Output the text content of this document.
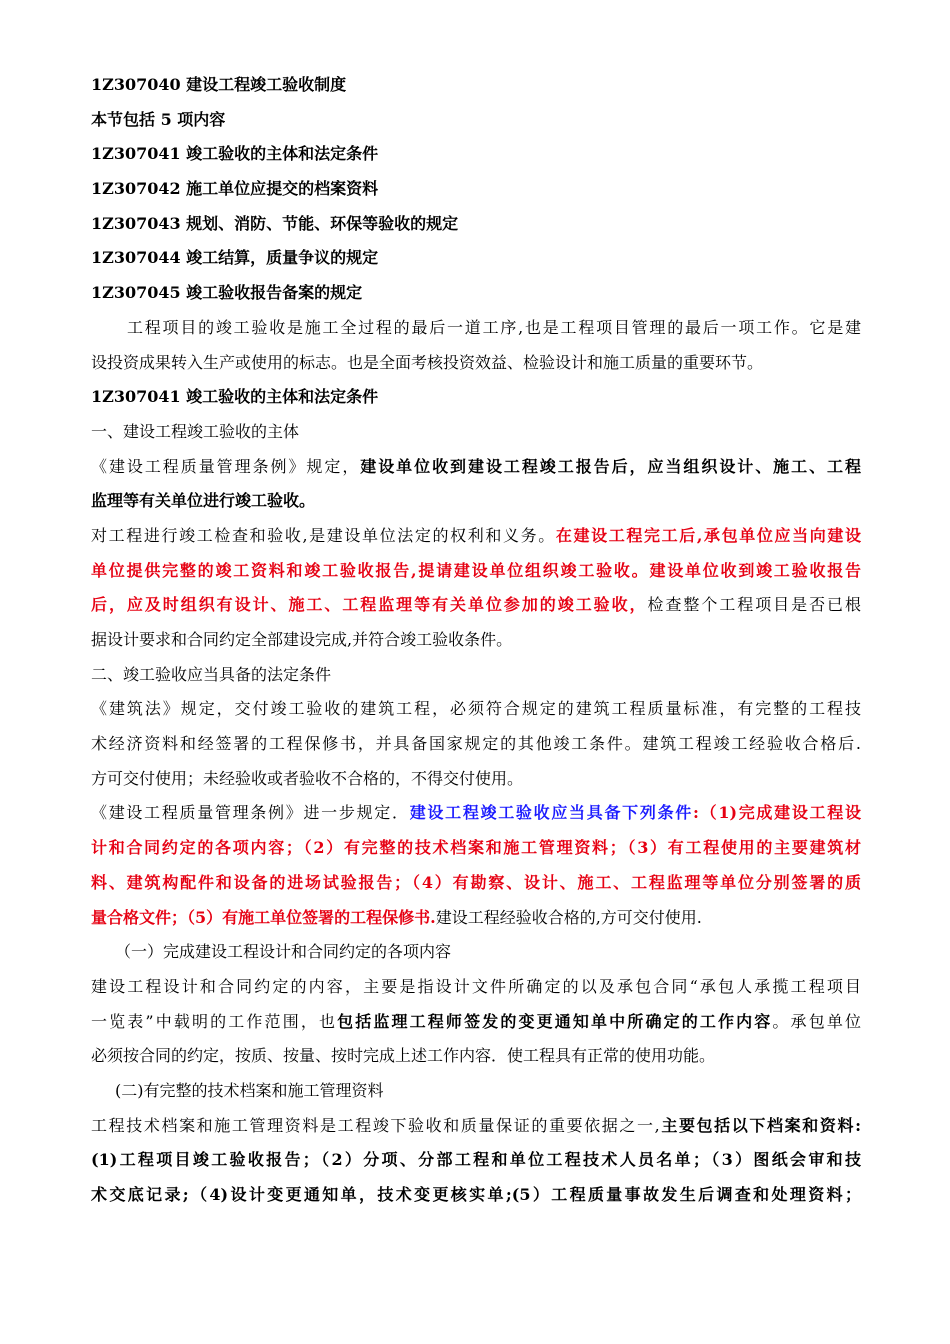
1Z307040 建设工程竣工验收制度
本节包括 5 项内容
1Z307041 竣工验收的主体和法定条件
1Z307042 施工单位应提交的档案资料
1Z307043 规划、消防、节能、环保等验收的规定
1Z307044 竣工结算，质量争议的规定
1Z307045 竣工验收报告备案的规定
工程项目的竣工验收是施工全过程的最后一道工序,也是工程项目管理的最后一项工作。它是建
设投资成果转入生产或使用的标志。也是全面考核投资效益、检验设计和施工质量的重要环节。
1Z307041 竣工验收的主体和法定条件
一、建设工程竣工验收的主体
《建设工程质量管理条例》规定，建设单位收到建设工程竣工报告后，应当组织设计、施工、工程
监理等有关单位进行竣工验收。
对工程进行竣工检查和验收,是建设单位法定的权利和义务。在建设工程完工后,承包单位应当向建设
单位提供完整的竣工资料和竣工验收报告,提请建设单位组织竣工验收。建设单位收到竣工验收报告
后，应及时组织有设计、施工、工程监理等有关单位参加的竣工验收，检查整个工程项目是否已根
据设计要求和合同约定全部建设完成,并符合竣工验收条件。
二、竣工验收应当具备的法定条件
《建筑法》规定，交付竣工验收的建筑工程，必须符合规定的建筑工程质量标准，有完整的工程技
术经济资料和经签署的工程保修书，并具备国家规定的其他竣工条件。建筑工程竣工经验收合格后.
方可交付使用；未经验收或者验收不合格的，不得交付使用。
《建设工程质量管理条例》进一步规定．建设工程竣工验收应当具备下列条件:（1)完成建设工程设
计和合同约定的各项内容；（2）有完整的技术档案和施工管理资料；（3）有工程使用的主要建筑材
料、建筑构配件和设备的进场试验报告；（4）有勘察、设计、施工、工程监理等单位分别签署的质
量合格文件；（5）有施工单位签署的工程保修书.建设工程经验收合格的,方可交付使用.
（一）完成建设工程设计和合同约定的各项内容
建设工程设计和合同约定的内容，主要是指设计文件所确定的以及承包合同“承包人承揽工程项目
一览表”中载明的工作范围，也包括监理工程师签发的变更通知单中所确定的工作内容。承包单位
必须按合同的约定，按质、按量、按时完成上述工作内容．使工程具有正常的使用功能。
(二)有完整的技术档案和施工管理资料
工程技术档案和施工管理资料是工程竣下验收和质量保证的重要依据之一,主要包括以下档案和资料:
(1)工程项目竣工验收报告；（2）分项、分部工程和单位工程技术人员名单；（3）图纸会审和技
术交底记录;（4)设计变更通知单，技术变更核实单;(5）工程质量事故发生后调查和处理资料；
